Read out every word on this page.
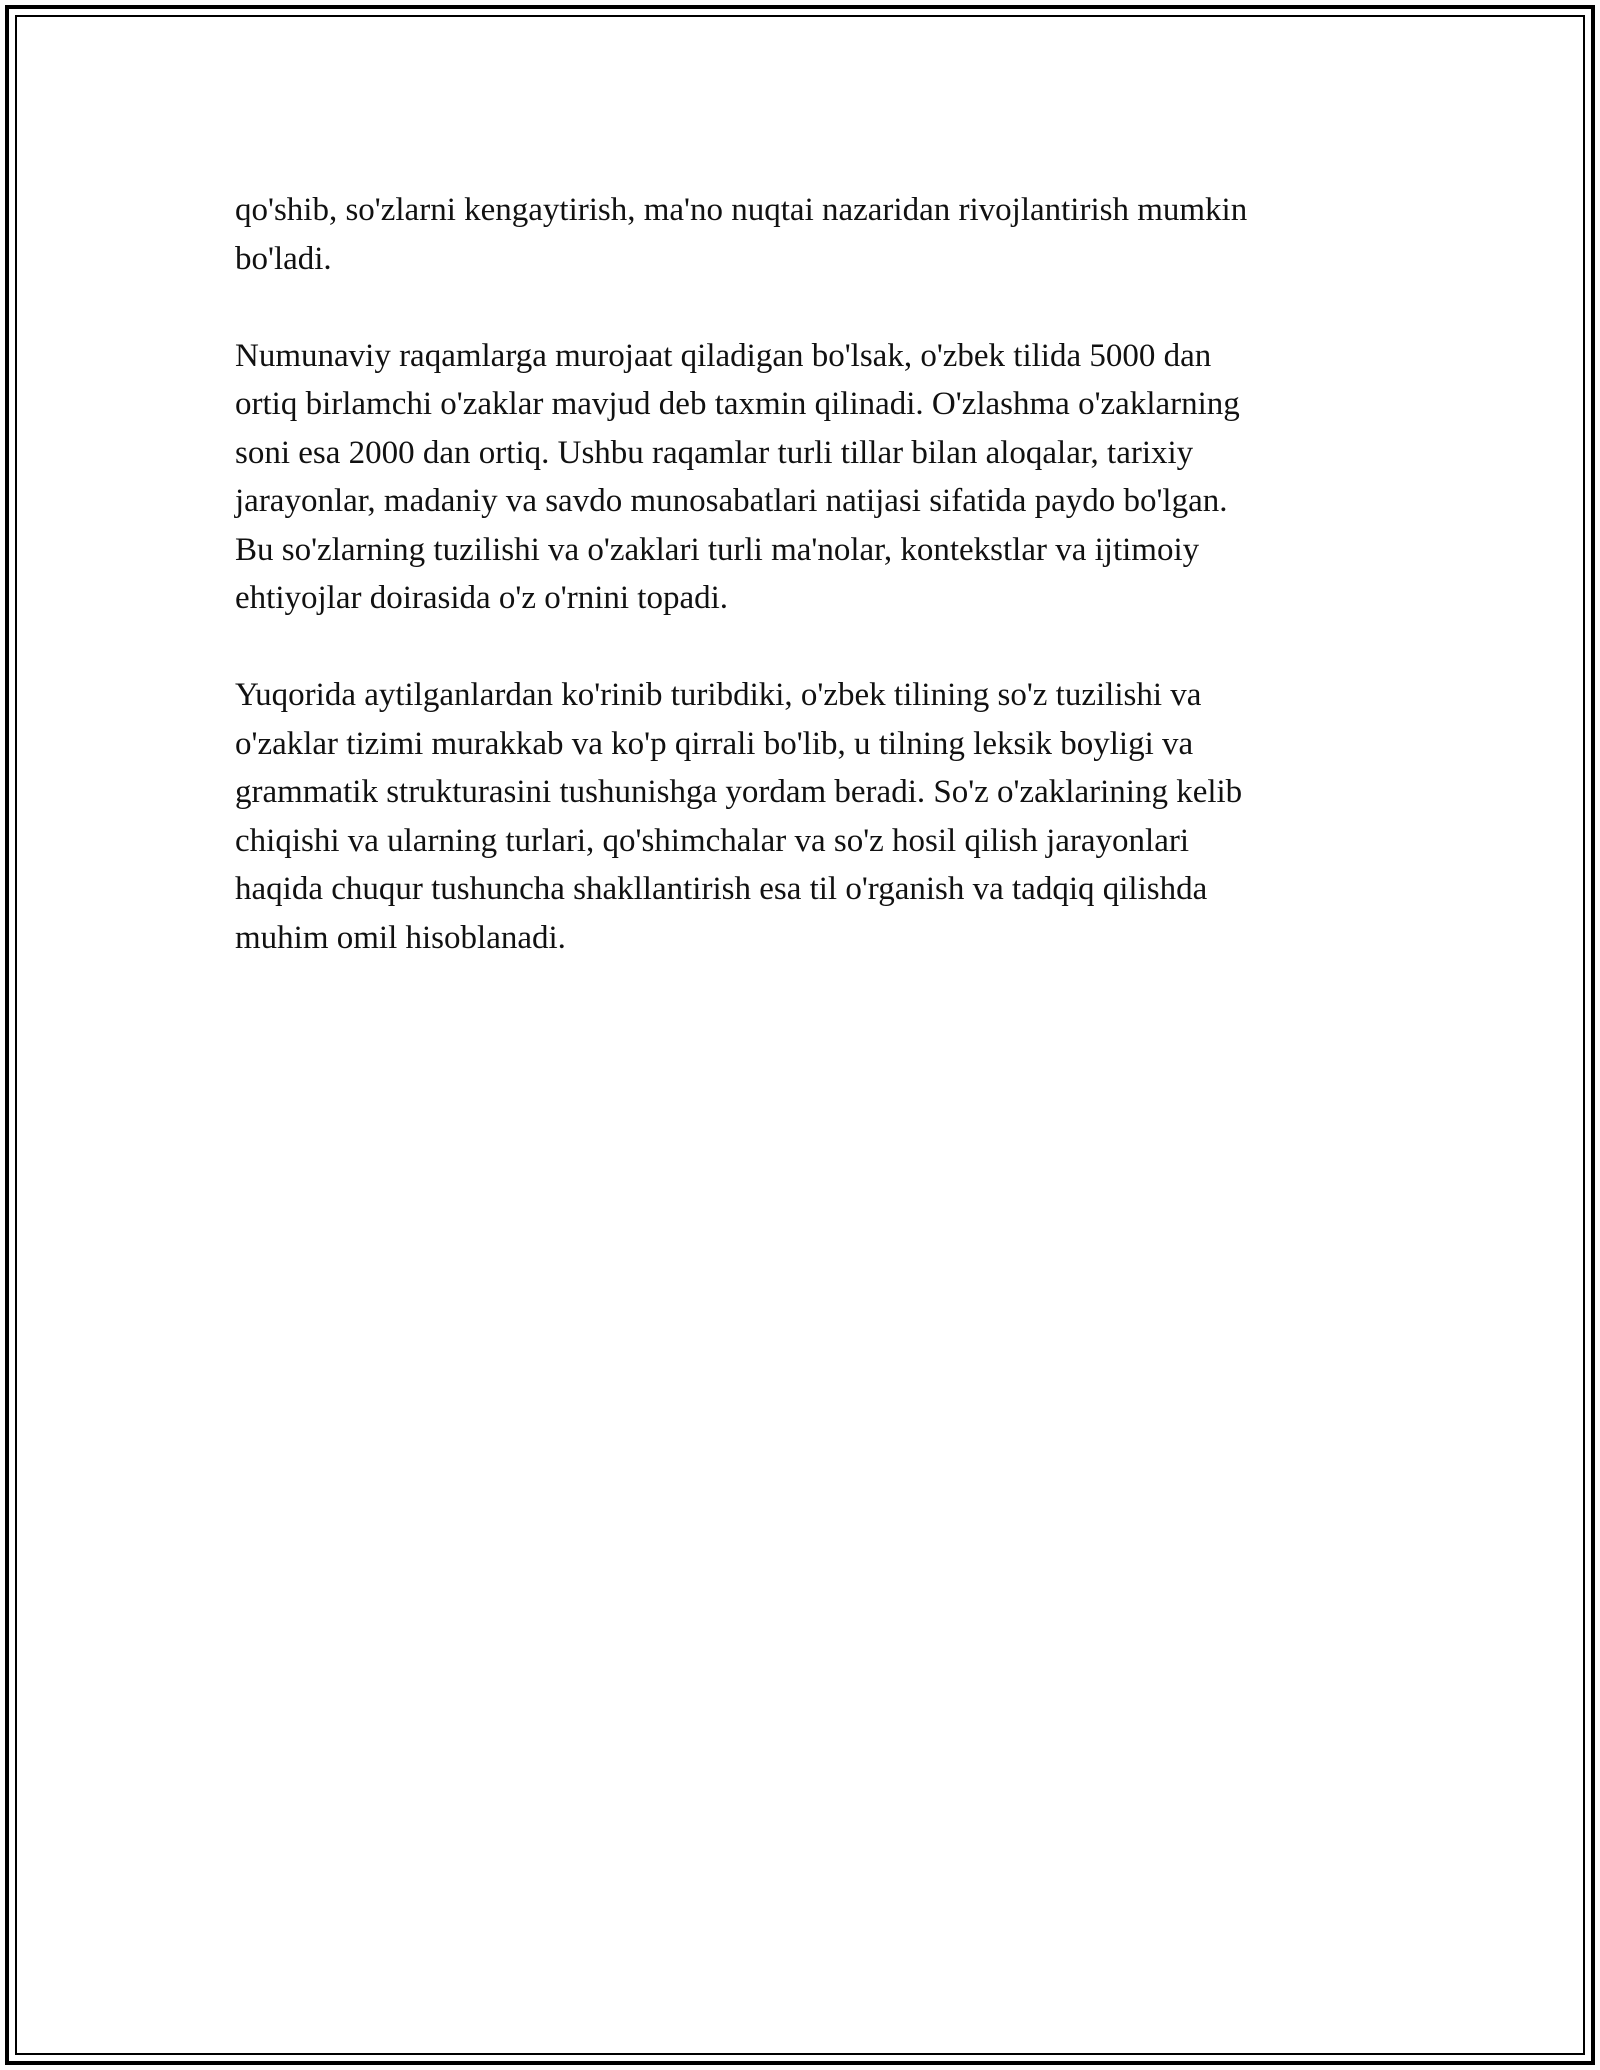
qo'shib, so'zlarni kengaytirish, ma'no nuqtai nazaridan rivojlantirish mumkin
bo'ladi.

Numunaviy raqamlarga murojaat qiladigan bo'lsak, o'zbek tilida 5000 dan
ortiq birlamchi o'zaklar mavjud deb taxmin qilinadi. O'zlashma o'zaklarning
soni esa 2000 dan ortiq. Ushbu raqamlar turli tillar bilan aloqalar, tarixiy
jarayonlar, madaniy va savdo munosabatlari natijasi sifatida paydo bo'lgan.
Bu so'zlarning tuzilishi va o'zaklari turli ma'nolar, kontekstlar va ijtimoiy
ehtiyojlar doirasida o'z o'rnini topadi.

Yuqorida aytilganlardan ko'rinib turibdiki, o'zbek tilining so'z tuzilishi va
o'zaklar tizimi murakkab va ko'p qirrali bo'lib, u tilning leksik boyligi va
grammatik strukturasini tushunishga yordam beradi. So'z o'zaklarining kelib
chiqishi va ularning turlari, qo'shimchalar va so'z hosil qilish jarayonlari
haqida chuqur tushuncha shakllantirish esa til o'rganish va tadqiq qilishda
muhim omil hisoblanadi.
